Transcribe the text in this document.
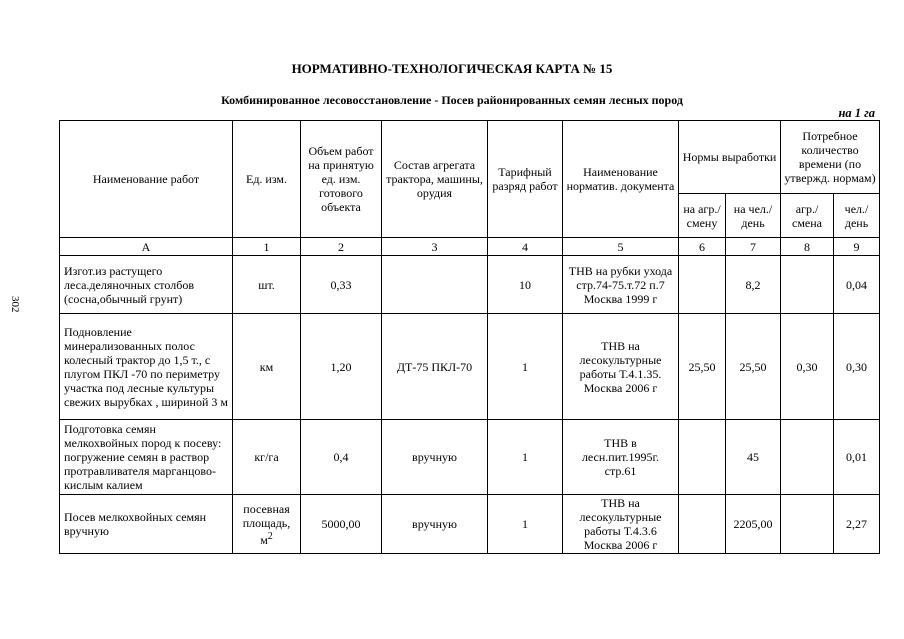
302
НОРМАТИВНО-ТЕХНОЛОГИЧЕСКАЯ КАРТА № 15
Комбинированное лесовосстановление - Посев районированных семян лесных пород
на 1 га
Наименование работ	Ед. изм.	Объем работ на принятую ед. изм. готового объекта	Состав агрегата трактора, машины, орудия	Тарифный разряд работ	Наименование норматив. документа	Нормы выработки		Потребное количество времени (по утвержд. нормам)	
						на агр./ смену	на чел./ день	агр./ смена	чел./ день
А	1	2	3	4	5	6	7	8	9
Изгот.из растущего леса.деляночных столбов (сосна,обычный грунт)	шт.	0,33		10	ТНВ на рубки ухода стр.74-75.т.72 п.7 Москва 1999 г		8,2		0,04
Подновление минерализованных полос колесный трактор до 1,5 т., с плугом ПКЛ -70 по периметру участка под лесные культуры свежих вырубках , шириной 3 м	км	1,20	ДТ-75 ПКЛ-70	1	ТНВ на лесокультурные работы Т.4.1.35. Москва 2006 г	25,50	25,50	0,30	0,30
Подготовка семян мелкохвойных пород к посеву: погружение семян в раствор протравливателя марганцово-кислым калием	кг/га	0,4	вручную	1	ТНВ в лесн.пит.1995г. стр.61		45		0,01
Посев мелкохвойных семян вручную	посевная площадь, $м^2$	5000,00	вручную	1	ТНВ на лесокультурные работы Т.4.3.6 Москва 2006 г		2205,00		2,27
